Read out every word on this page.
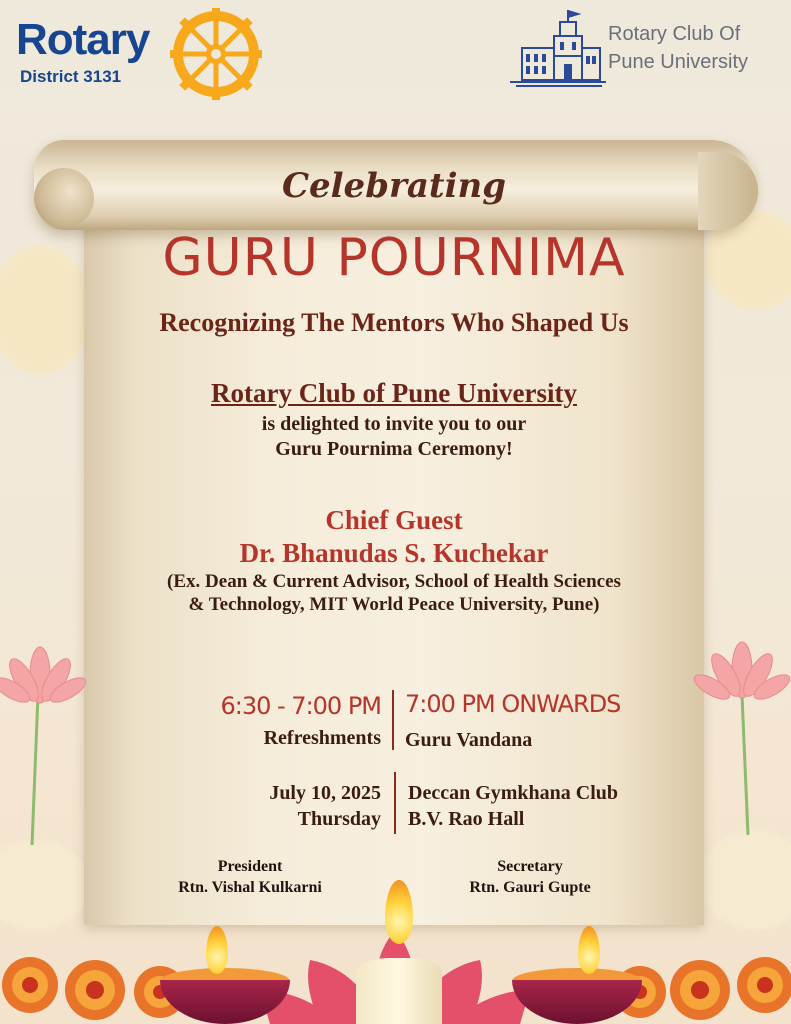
Rotary
District 3131
Rotary Club Of
Pune University
Celebrating
GURU POURNIMA
Recognizing The Mentors Who Shaped Us
Rotary Club of Pune University
is delighted to invite you to our
Guru Pournima Ceremony!
Chief Guest
Dr. Bhanudas S. Kuchekar
(Ex. Dean & Current Advisor, School of Health Sciences
& Technology, MIT World Peace University, Pune)
6:30 - 7:00 PM
Refreshments
7:00 PM ONWARDS
Guru Vandana
July 10, 2025
Thursday
Deccan Gymkhana Club
B.V. Rao Hall
President
Rtn. Vishal Kulkarni
Secretary
Rtn. Gauri Gupte
